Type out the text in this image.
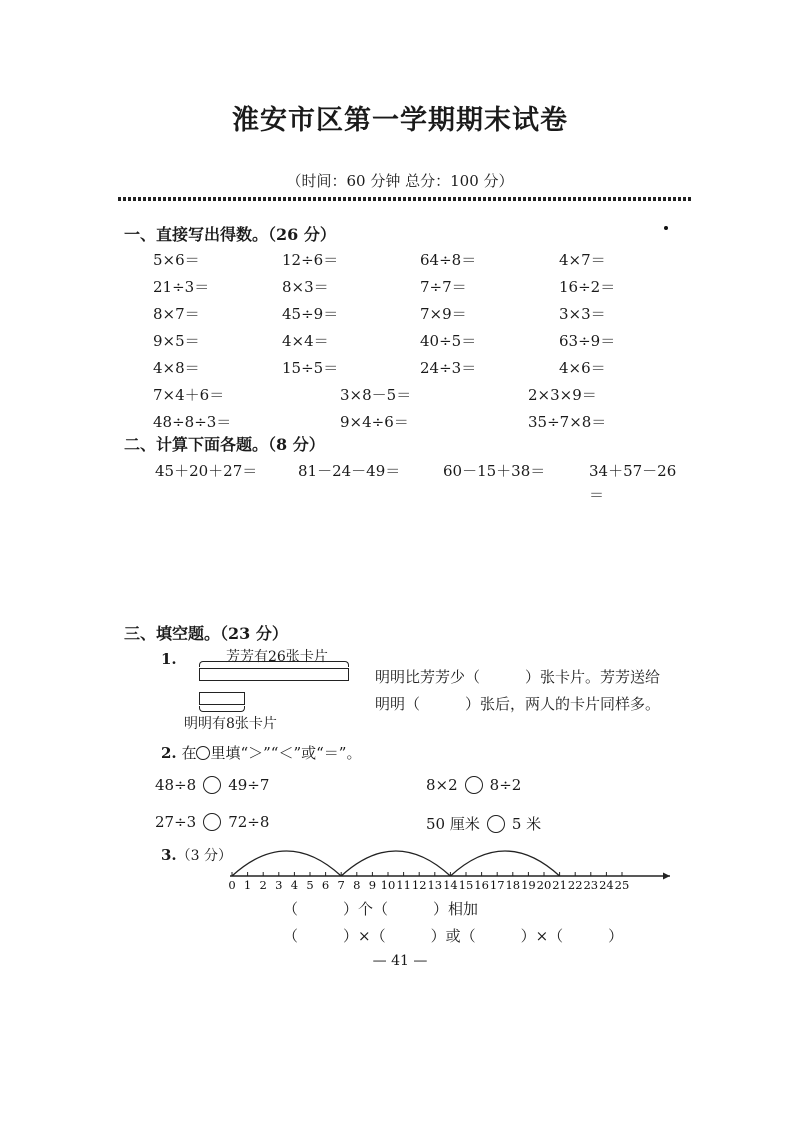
淮安市区第一学期期末试卷
（时间：60 分钟 总分：100 分）
一、直接写出得数。（26 分）
5×6＝	12÷6＝	64÷8＝	4×7＝
21÷3＝	8×3＝	7÷7＝	16÷2＝
8×7＝	45÷9＝	7×9＝	3×3＝
9×5＝	4×4＝	40÷5＝	63÷9＝
4×8＝	15÷5＝	24÷3＝	4×6＝
7×4＋6＝	3×8－5＝	2×3×9＝
48÷8÷3＝	9×4÷6＝	35÷7×8＝
二、计算下面各题。（8 分）
45＋20＋27＝	81－24－49＝	60－15＋38＝	34＋57－26＝
三、填空题。（23 分）
1.	芳芳有26张卡片
明明有8张卡片
明明比芳芳少（　　　）张卡片。芳芳送给
明明（　　　）张后，两人的卡片同样多。
2. 在 里填“＞”“＜”或“＝”。
48÷8 49÷7	8×2 8÷2
27÷3 72÷8	50 厘米 5 米
3.（3 分）
0 1 2 3 4 5 6 7 8 9 10 11 12 13 14 15 16 17 18 19 20 21 22 23 24 25
（　　　）个（　　　）相加
（　　　）×（　　　）或（　　　）×（　　　）
— 41 —
